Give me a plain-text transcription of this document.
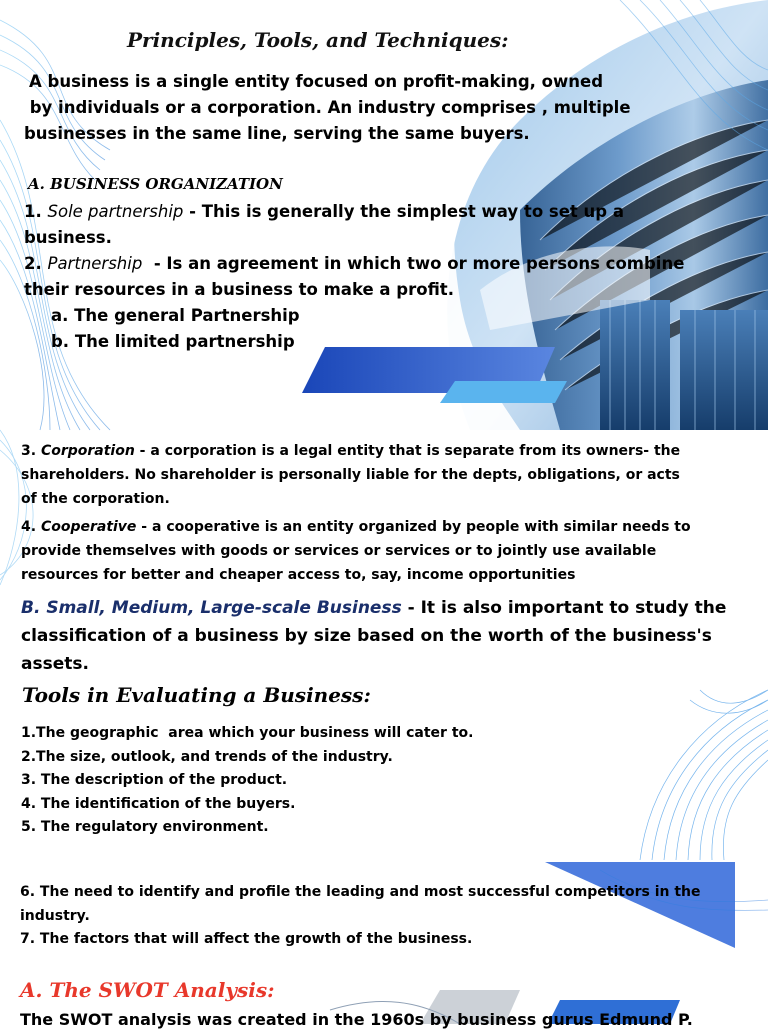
Principles, Tools, and Techniques:
A business is a single entity focused on profit-making, owned
by individuals or a corporation. An industry comprises , multiple
businesses in the same line, serving the same buyers.
A. BUSINESS ORGANIZATION
1. Sole partnership - This is generally the simplest way to set up a
business.
2. Partnership  - Is an agreement in which two or more persons combine
their resources in a business to make a profit.
a. The general Partnership
b. The limited partnership
3. Corporation - a corporation is a legal entity that is separate from its owners- the
shareholders. No shareholder is personally liable for the depts, obligations, or acts
of the corporation.
4. Cooperative - a cooperative is an entity organized by people with similar needs to
provide themselves with goods or services or services or to jointly use available
resources for better and cheaper access to, say, income opportunities
B. Small, Medium, Large-scale Business - It is also important to study the
classification of a business by size based on the worth of the business's
assets.
Tools in Evaluating a Business:
1.The geographic  area which your business will cater to.
2.The size, outlook, and trends of the industry.
3. The description of the product.
4. The identification of the buyers.
5. The regulatory environment.
6. The need to identify and profile the leading and most successful competitors in the
industry.
7. The factors that will affect the growth of the business.
A. The SWOT Analysis:
The SWOT analysis was created in the 1960s by business gurus Edmund P.
